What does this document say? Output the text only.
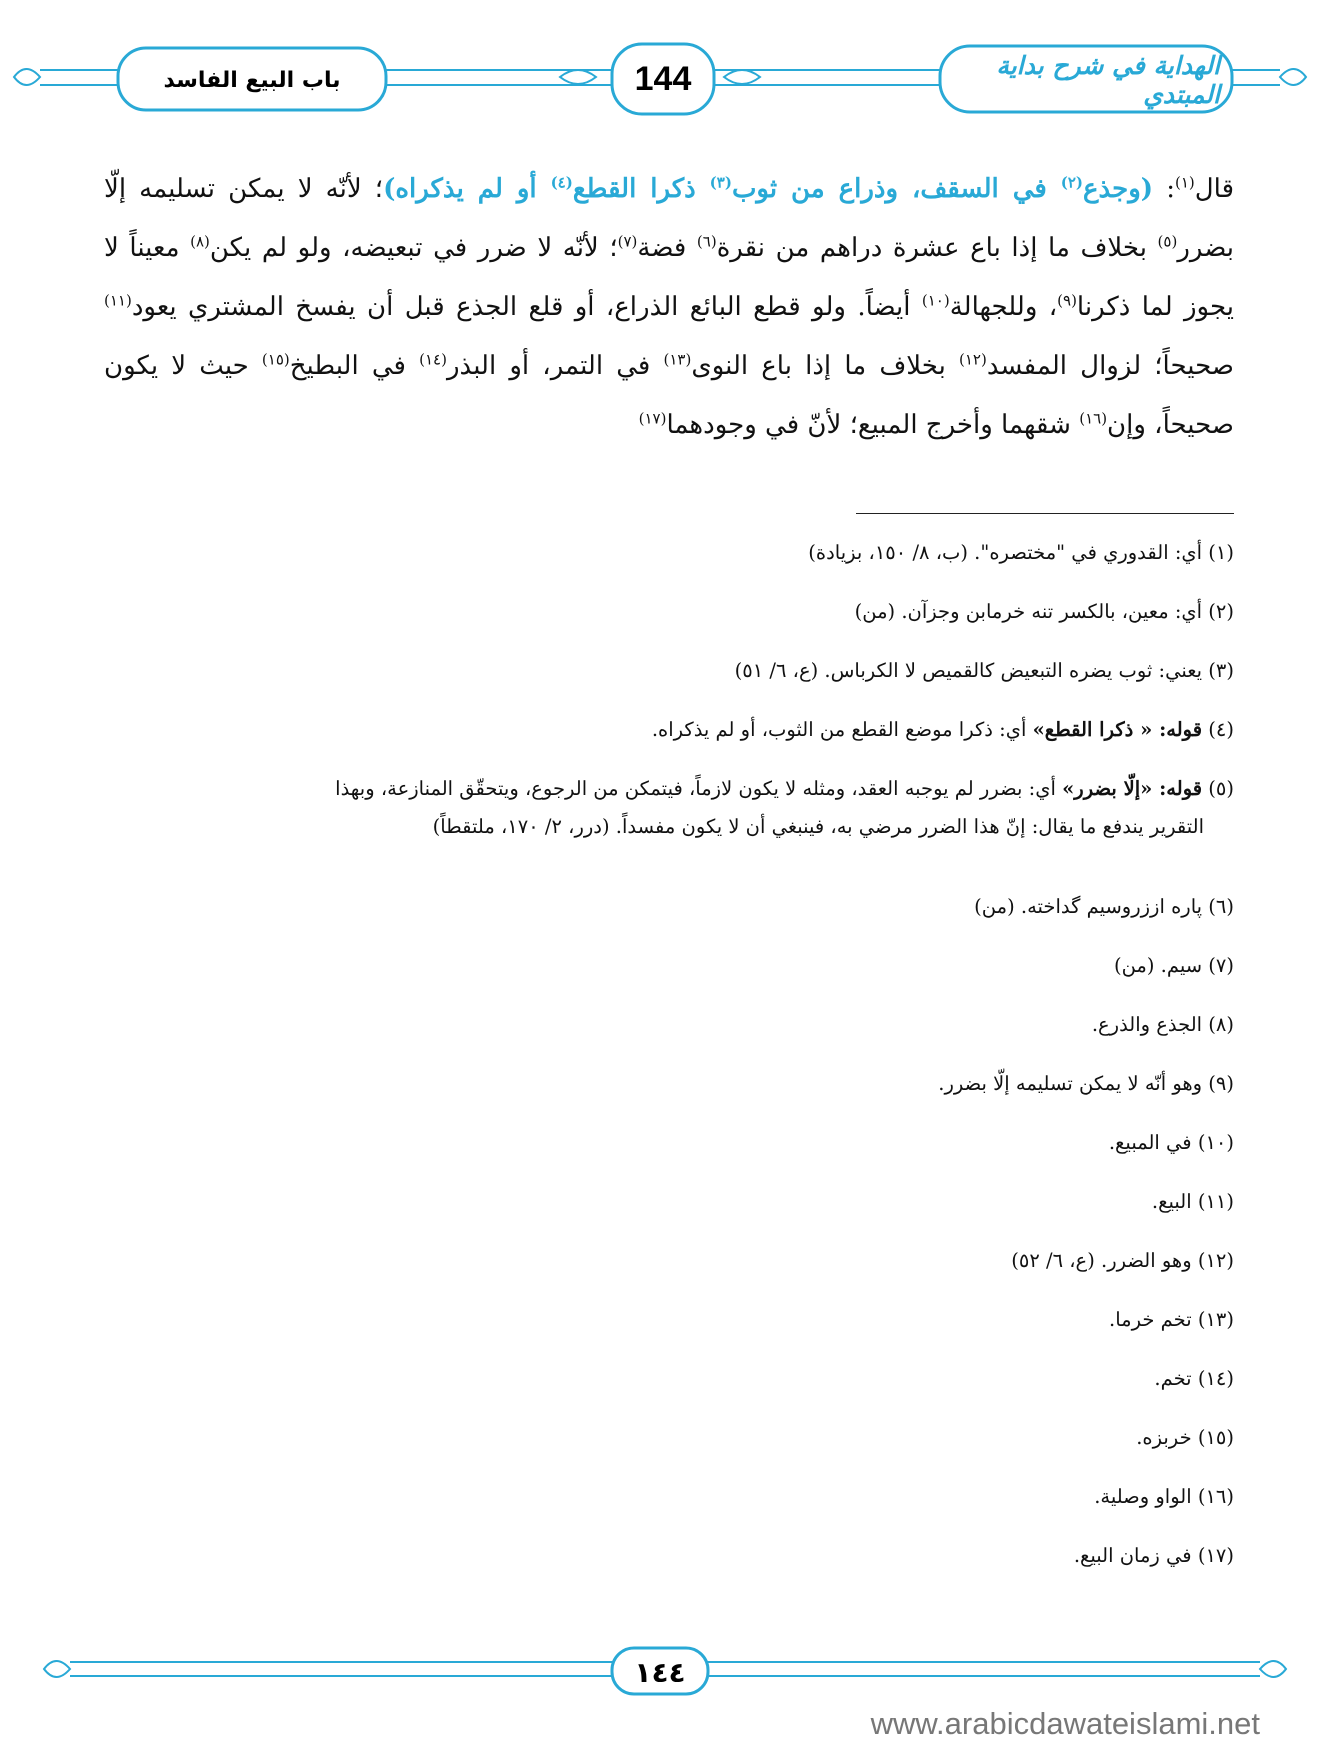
باب البيع الفاسد	144	الهداية في شرح بداية المبتدي
قال$^{(١)}$: (وجذع$^{(٢)}$ في السقف، وذراع من ثوب$^{(٣)}$ ذكرا القطع$^{(٤)}$ أو لم يذكراه)؛ لأنّه لا يمكن تسليمه إلّا بضرر$^{(٥)}$ بخلاف ما إذا باع عشرة دراهم من نقرة$^{(٦)}$ فضة$^{(٧)}$؛ لأنّه لا ضرر في تبعيضه، ولو لم يكن$^{(٨)}$ معيناً لا يجوز لما ذكرنا$^{(٩)}$، وللجهالة$^{(١٠)}$ أيضاً. ولو قطع البائع الذراع، أو قلع الجذع قبل أن يفسخ المشتري يعود$^{(١١)}$ صحيحاً؛ لزوال المفسد$^{(١٢)}$ بخلاف ما إذا باع النوى$^{(١٣)}$ في التمر، أو البذر$^{(١٤)}$ في البطيخ$^{(١٥)}$ حيث لا يكون صحيحاً، وإن$^{(١٦)}$ شقهما وأخرج المبيع؛ لأنّ في وجودهما$^{(١٧)}$
(١) أي: القدوري في "مختصره". (ب، ٨/ ١٥٠، بزيادة)
(٢) أي: معين، بالكسر تنه خرمابن وجزآن. (من)
(٣) يعني: ثوب يضره التبعيض كالقميص لا الكرباس. (ع، ٦/ ٥١)
(٤) قوله: « ذكرا القطع» أي: ذكرا موضع القطع من الثوب، أو لم يذكراه.
(٥) قوله: «إلّا بضرر» أي: بضرر لم يوجبه العقد، ومثله لا يكون لازماً، فيتمكن من الرجوع، ويتحقّق المنازعة، وبهذا
التقرير يندفع ما يقال: إنّ هذا الضرر مرضي به، فينبغي أن لا يكون مفسداً. (درر، ٢/ ١٧٠، ملتقطاً)
(٦) پاره اززروسيم گداخته. (من)
(٧) سيم. (من)
(٨) الجذع والذرع.
(٩) وهو أنّه لا يمكن تسليمه إلّا بضرر.
(١٠) في المبيع.
(١١) البيع.
(١٢) وهو الضرر. (ع، ٦/ ٥٢)
(١٣) تخم خرما.
(١٤) تخم.
(١٥) خربزه.
(١٦) الواو وصلية.
(١٧) في زمان البيع.
١٤٤
www.arabicdawateislami.net
